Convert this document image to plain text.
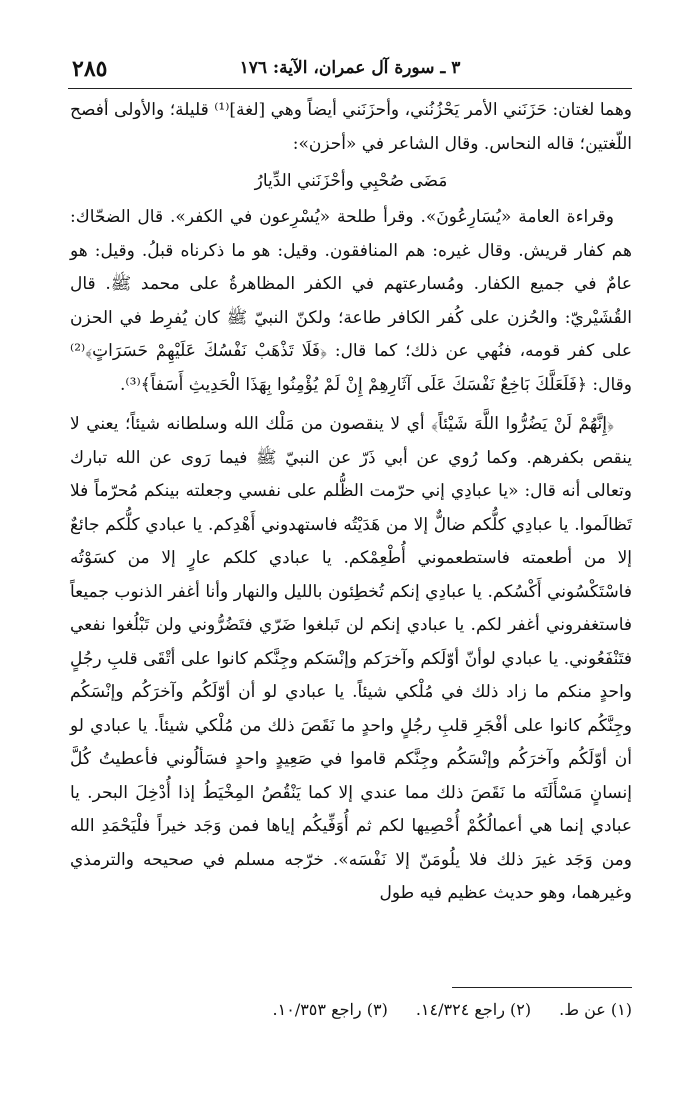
٢٨٥	٣ ـ سورة آل عمران، الآية: ١٧٦

وهما لغتان: حَزَنَني الأمر يَحْزُنُني، وأحزَنَني أيضاً وهي [لغة]⁽¹⁾ قليلة؛ والأولى أفصح اللّغتين؛ قاله النحاس. وقال الشاعر في «أحزن»:

مَضَى صُحْبِي وأحْزَنَني الدِّيارُ

وقراءة العامة «يُسَارِعُونَ». وقرأ طلحة «يُسْرِعون في الكفر». قال الضحّاك: هم كفار قريش. وقال غيره: هم المنافقون. وقيل: هو ما ذكرناه قبلُ. وقيل: هو عامٌ في جميع الكفار. ومُسارعتهم في الكفر المظاهرةُ على محمد ﷺ. قال القُشَيْريّ: والحُزن على كُفر الكافر طاعة؛ ولكنّ النبيّ ﷺ كان يُفرِط في الحزن على كفر قومه، فنُهي عن ذلك؛ كما قال: ﴿فَلَا تَذْهَبْ نَفْسُكَ عَلَيْهِمْ حَسَرَاتٍ﴾⁽²⁾ وقال: ﴿فَلَعَلَّكَ بَاخِعٌ نَفْسَكَ عَلَى آثَارِهِمْ إِنْ لَمْ يُؤْمِنُوا بِهَذَا الْحَدِيثِ أَسَفاً﴾⁽³⁾.

﴿إِنَّهُمْ لَنْ يَضُرُّوا اللَّهَ شَيْئاً﴾ أي لا ينقصون من مَلْك الله وسلطانه شيئاً؛ يعني لا ينقص بكفرهم. وكما رُوي عن أبي ذَرّ عن النبيّ ﷺ فيما رَوى عن الله تبارك وتعالى أنه قال: «يا عبادِي إني حرّمت الظُّلم على نفسي وجعلته بينكم مُحرّماً فلا تَظالَموا. يا عبادِي كلُّكم ضالٌّ إلا من هَدَيْتُه فاستهدوني أَهْدِكم. يا عبادي كلُّكم جائعٌ إلا من أطعمته فاستطعموني أُطْعِمْكم. يا عبادي كلكم عارٍ إلا من كسَوْتُه فاسْتَكْسُوني أَكْسُكم. يا عبادِي إنكم تُخطِئون بالليل والنهار وأنا أغفر الذنوب جميعاً فاستغفروني أغفر لكم. يا عبادي إنكم لن تَبلغوا ضَرّي فتَضُرُّوني ولن تَبْلُغوا نفعي فتَنْفَعُوني. يا عبادي لوأنّ أوّلَكم وآخرَكم وإنْسَكم وجِنَّكم كانوا على أتْقَى قلبِ رجُلٍ واحدٍ منكم ما زاد ذلك في مُلْكي شيئاً. يا عبادي لو أن أوّلَكُم وآخرَكُم وإنْسَكُم وجِنَّكُم كانوا على أفْجَرِ قلبِ رجُلٍ واحدٍ ما نَقَصَ ذلك من مُلْكي شيئاً. يا عبادي لو أن أوّلَكُم وآخرَكُم وإنْسَكُم وجِنَّكم قاموا في صَعِيدٍ واحدٍ فسَألُوني فأعطيتُ كُلَّ إنسانٍ مَسْأَلَتَه ما نَقَصَ ذلك مما عندي إلا كما يَنْقُصُ المِخْيَطُ إذا أُدْخِلَ البحر. يا عبادي إنما هي أعمالُكُمْ أُحْصِيها لكم ثم أُوَفِّيكُم إياها فمن وَجَد خيراً فلْيَحْمَدِ الله ومن وَجَد غيرَ ذلك فلا يلُومَنّ إلا نَفْسَه». خرّجه مسلم في صحيحه والترمذي وغيرهما، وهو حديث عظيم فيه طول

(١) عن ط.
(٢) راجع ١٤/٣٢٤.
(٣) راجع ١٠/٣٥٣.
